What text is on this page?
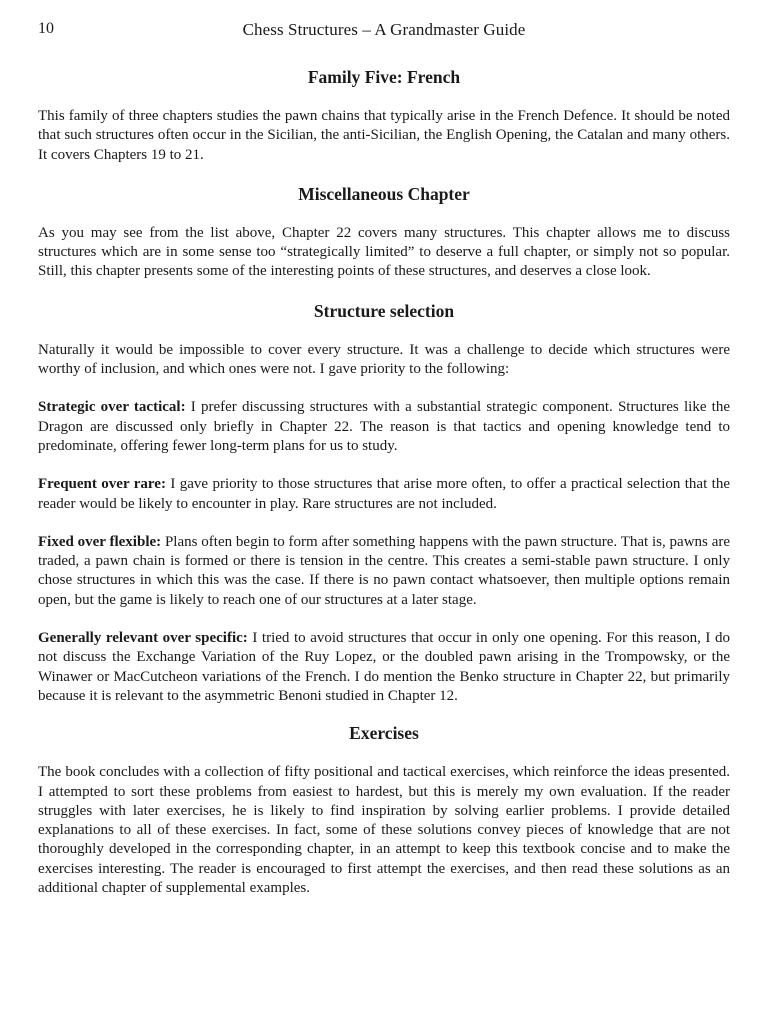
10	Chess Structures – A Grandmaster Guide
Family Five: French

This family of three chapters studies the pawn chains that typically arise in the French Defence. It should be noted that such structures often occur in the Sicilian, the anti-Sicilian, the English Opening, the Catalan and many others. It covers Chapters 19 to 21.

Miscellaneous Chapter

As you may see from the list above, Chapter 22 covers many structures. This chapter allows me to discuss structures which are in some sense too “strategically limited” to deserve a full chapter, or simply not so popular. Still, this chapter presents some of the interesting points of these structures, and deserves a close look.

Structure selection

Naturally it would be impossible to cover every structure. It was a challenge to decide which structures were worthy of inclusion, and which ones were not. I gave priority to the following:

Strategic over tactical: I prefer discussing structures with a substantial strategic component. Structures like the Dragon are discussed only briefly in Chapter 22. The reason is that tactics and opening knowledge tend to predominate, offering fewer long-term plans for us to study.

Frequent over rare: I gave priority to those structures that arise more often, to offer a practical selection that the reader would be likely to encounter in play. Rare structures are not included.

Fixed over flexible: Plans often begin to form after something happens with the pawn structure. That is, pawns are traded, a pawn chain is formed or there is tension in the centre. This creates a semi-stable pawn structure. I only chose structures in which this was the case. If there is no pawn contact whatsoever, then multiple options remain open, but the game is likely to reach one of our structures at a later stage.

Generally relevant over specific: I tried to avoid structures that occur in only one opening. For this reason, I do not discuss the Exchange Variation of the Ruy Lopez, or the doubled pawn arising in the Trompowsky, or the Winawer or MacCutcheon variations of the French. I do mention the Benko structure in Chapter 22, but primarily because it is relevant to the asymmetric Benoni studied in Chapter 12.

Exercises

The book concludes with a collection of fifty positional and tactical exercises, which reinforce the ideas presented. I attempted to sort these problems from easiest to hardest, but this is merely my own evaluation. If the reader struggles with later exercises, he is likely to find inspiration by solving earlier problems. I provide detailed explanations to all of these exercises. In fact, some of these solutions convey pieces of knowledge that are not thoroughly developed in the corresponding chapter, in an attempt to keep this textbook concise and to make the exercises interesting. The reader is encouraged to first attempt the exercises, and then read these solutions as an additional chapter of supplemental examples.
